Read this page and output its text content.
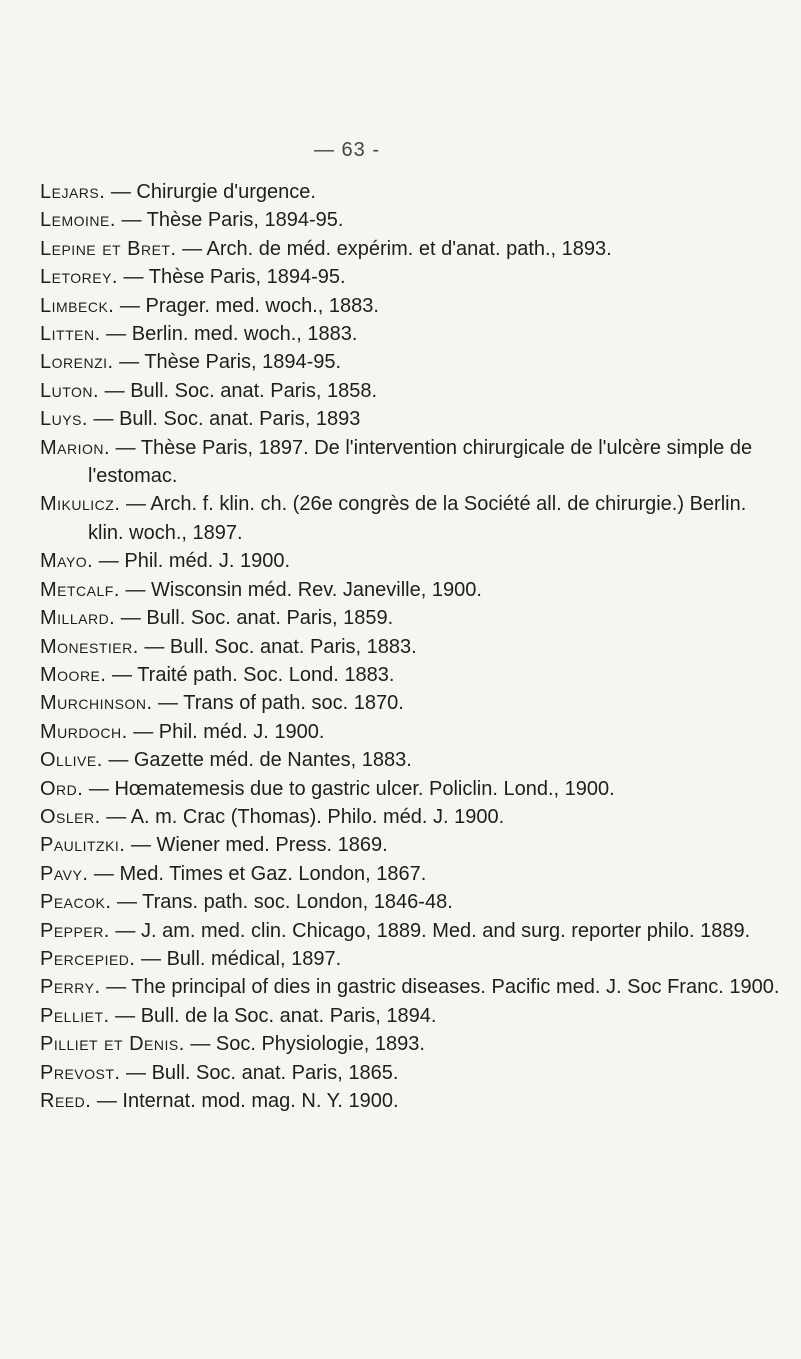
— 63 -
Lejars. — Chirurgie d'urgence.
Lemoine. — Thèse Paris, 1894-95.
Lepine et Bret. — Arch. de méd. expérim. et d'anat. path., 1893.
Letorey. — Thèse Paris, 1894-95.
Limbeck. — Prager. med. woch., 1883.
Litten. — Berlin. med. woch., 1883.
Lorenzi. — Thèse Paris, 1894-95.
Luton. — Bull. Soc. anat. Paris, 1858.
Luys. — Bull. Soc. anat. Paris, 1893
Marion. — Thèse Paris, 1897. De l'intervention chirurgicale de l'ulcère simple de l'estomac.
Mikulicz. — Arch. f. klin. ch. (26e congrès de la Société all. de chirurgie.) Berlin. klin. woch., 1897.
Mayo. — Phil. méd. J. 1900.
Metcalf. — Wisconsin méd. Rev. Janeville, 1900.
Millard. — Bull. Soc. anat. Paris, 1859.
Monestier. — Bull. Soc. anat. Paris, 1883.
Moore. — Traité path. Soc. Lond. 1883.
Murchinson. — Trans of path. soc. 1870.
Murdoch. — Phil. méd. J. 1900.
Ollive. — Gazette méd. de Nantes, 1883.
Ord. — Hœmatemesis due to gastric ulcer. Policlin. Lond., 1900.
Osler. — A. m. Crac (Thomas). Philo. méd. J. 1900.
Paulitzki. — Wiener med. Press. 1869.
Pavy. — Med. Times et Gaz. London, 1867.
Peacok. — Trans. path. soc. London, 1846-48.
Pepper. — J. am. med. clin. Chicago, 1889. Med. and surg. reporter philo. 1889.
Percepied. — Bull. médical, 1897.
Perry. — The principal of dies in gastric diseases. Pacific med. J. Soc Franc. 1900.
Pelliet. — Bull. de la Soc. anat. Paris, 1894.
Pilliet et Denis. — Soc. Physiologie, 1893.
Prevost. — Bull. Soc. anat. Paris, 1865.
Reed. — Internat. mod. mag. N. Y. 1900.
